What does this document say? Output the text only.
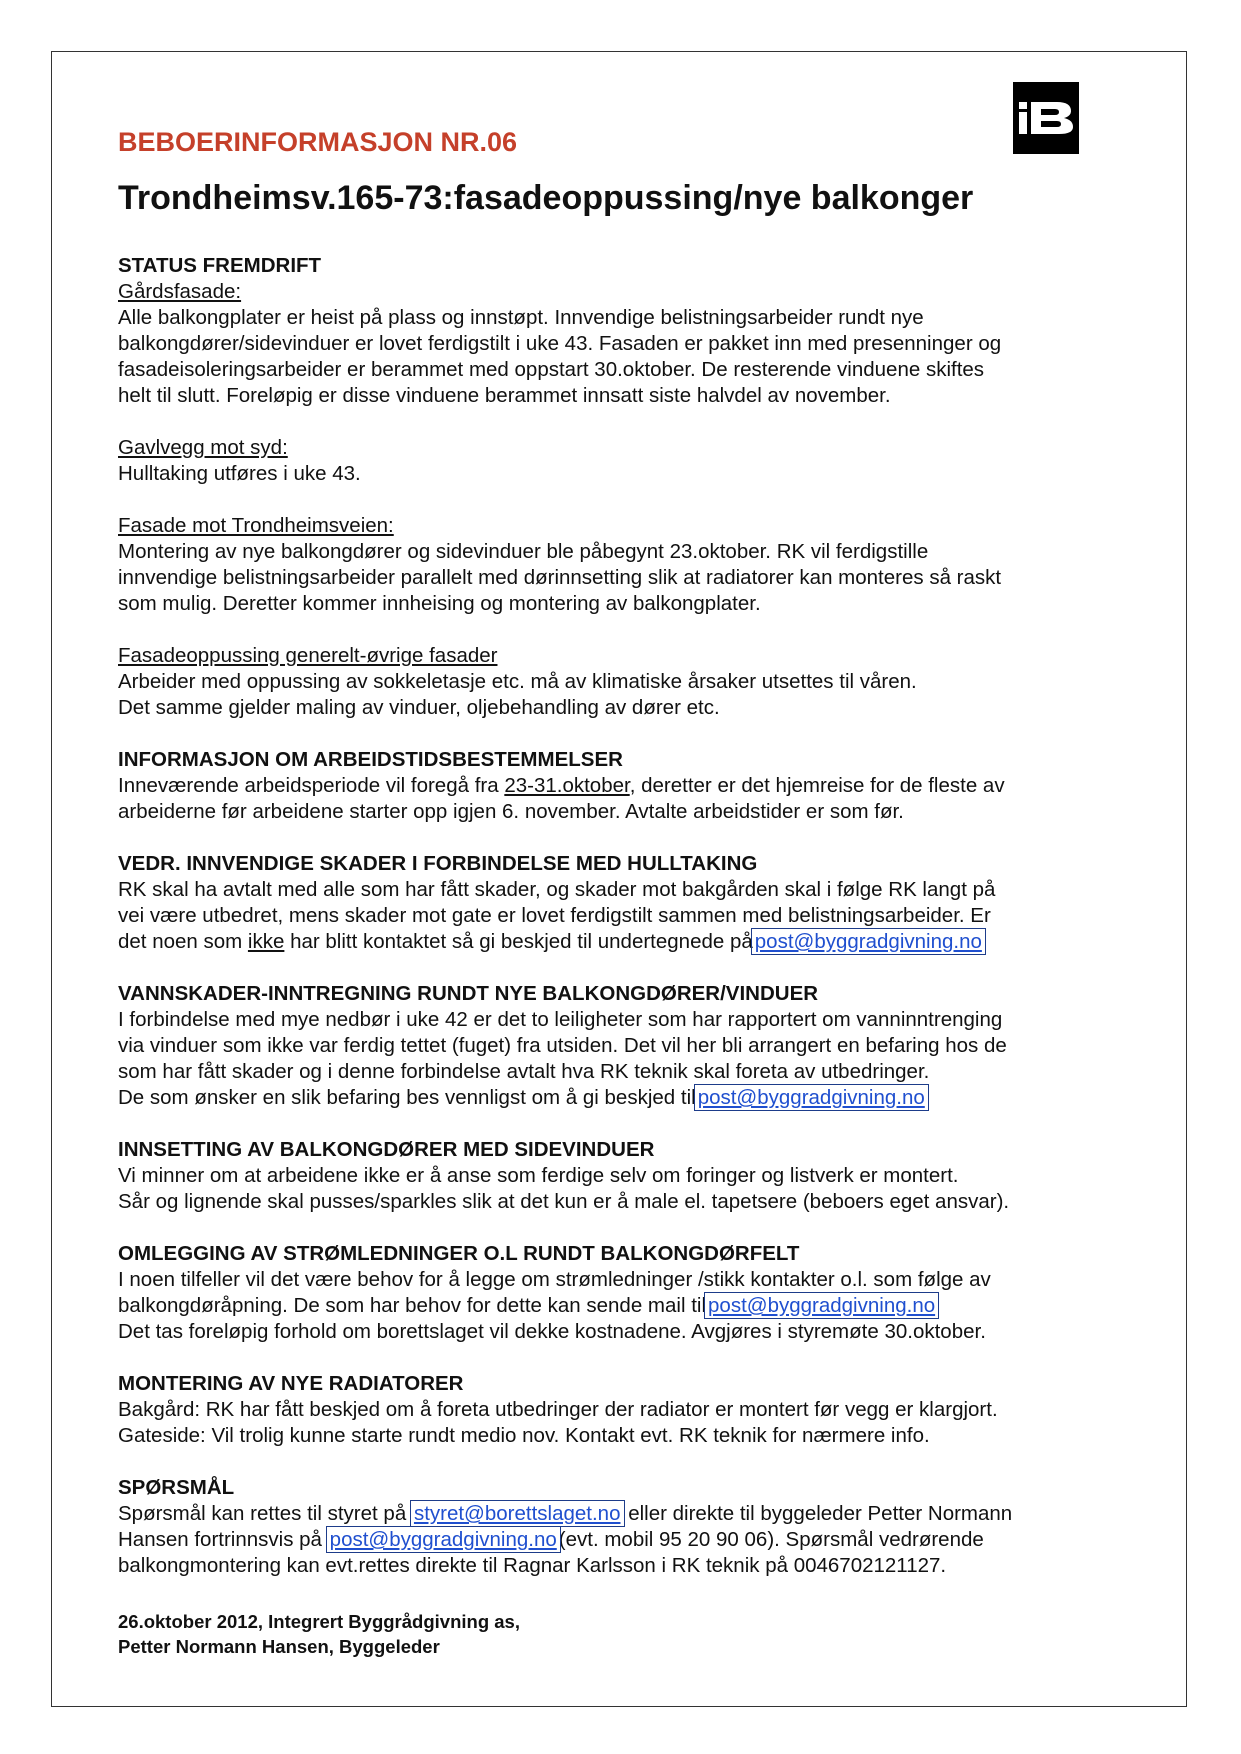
BEBOERINFORMASJON NR.06
Trondheimsv.165-73:fasadeoppussing/nye balkonger

STATUS FREMDRIFT

Gårdsfasade:

Alle balkongplater er heist på plass og innstøpt. Innvendige belistningsarbeider rundt nye

balkongdører/sidevinduer er lovet ferdigstilt i uke 43. Fasaden er pakket inn med presenninger og

fasadeisoleringsarbeider er berammet med oppstart 30.oktober. De resterende vinduene skiftes

helt til slutt. Foreløpig er disse vinduene berammet innsatt siste halvdel av november.

Gavlvegg mot syd:

Hulltaking utføres i uke 43.

Fasade mot Trondheimsveien:

Montering av nye balkongdører og sidevinduer ble påbegynt 23.oktober. RK vil ferdigstille

innvendige belistningsarbeider parallelt med dørinnsetting slik at radiatorer kan monteres så raskt

som mulig. Deretter kommer innheising og montering av balkongplater.

Fasadeoppussing generelt-øvrige fasader

Arbeider med oppussing av sokkeletasje etc. må av klimatiske årsaker utsettes til våren.

Det samme gjelder maling av vinduer, oljebehandling av dører etc.

INFORMASJON OM ARBEIDSTIDSBESTEMMELSER

Inneværende arbeidsperiode vil foregå fra 23-31.oktober, deretter er det hjemreise for de fleste av

arbeiderne før arbeidene starter opp igjen 6. november. Avtalte arbeidstider er som før.

VEDR. INNVENDIGE SKADER I FORBINDELSE MED HULLTAKING

RK skal ha avtalt med alle som har fått skader, og skader mot bakgården skal i følge RK langt på

vei være utbedret, mens skader mot gate er lovet ferdigstilt sammen med belistningsarbeider. Er

det noen som ikke har blitt kontaktet så gi beskjed til undertegnede påpost@byggradgivning.no

VANNSKADER-INNTREGNING RUNDT NYE BALKONGDØRER/VINDUER

I forbindelse med mye nedbør i uke 42 er det to leiligheter som har rapportert om vanninntrenging

via vinduer som ikke var ferdig tettet (fuget) fra utsiden. Det vil her bli arrangert en befaring hos de

som har fått skader og i denne forbindelse avtalt hva RK teknik skal foreta av utbedringer.

De som ønsker en slik befaring bes vennligst om å gi beskjed tilpost@byggradgivning.no

INNSETTING AV BALKONGDØRER MED SIDEVINDUER

Vi minner om at arbeidene ikke er å anse som ferdige selv om foringer og listverk er montert.

Sår og lignende skal pusses/sparkles slik at det kun er å male el. tapetsere (beboers eget ansvar).

OMLEGGING AV STRØMLEDNINGER O.L RUNDT BALKONGDØRFELT

I noen tilfeller vil det være behov for å legge om strømledninger /stikk kontakter o.l. som følge av

balkongdøråpning. De som har behov for dette kan sende mail tilpost@byggradgivning.no

Det tas foreløpig forhold om borettslaget vil dekke kostnadene. Avgjøres i styremøte 30.oktober.

MONTERING AV NYE RADIATORER

Bakgård: RK har fått beskjed om å foreta utbedringer der radiator er montert før vegg er klargjort.

Gateside: Vil trolig kunne starte rundt medio nov. Kontakt evt. RK teknik for nærmere info.

SPØRSMÅL

Spørsmål kan rettes til styret på styret@borettslaget.no eller direkte til byggeleder Petter Normann

Hansen fortrinnsvis på post@byggradgivning.no(evt. mobil 95 20 90 06). Spørsmål vedrørende

balkongmontering kan evt.rettes direkte til Ragnar Karlsson i RK teknik på 0046702121127.

26.oktober 2012, Integrert Byggrådgivning as,

Petter Normann Hansen, Byggeleder
